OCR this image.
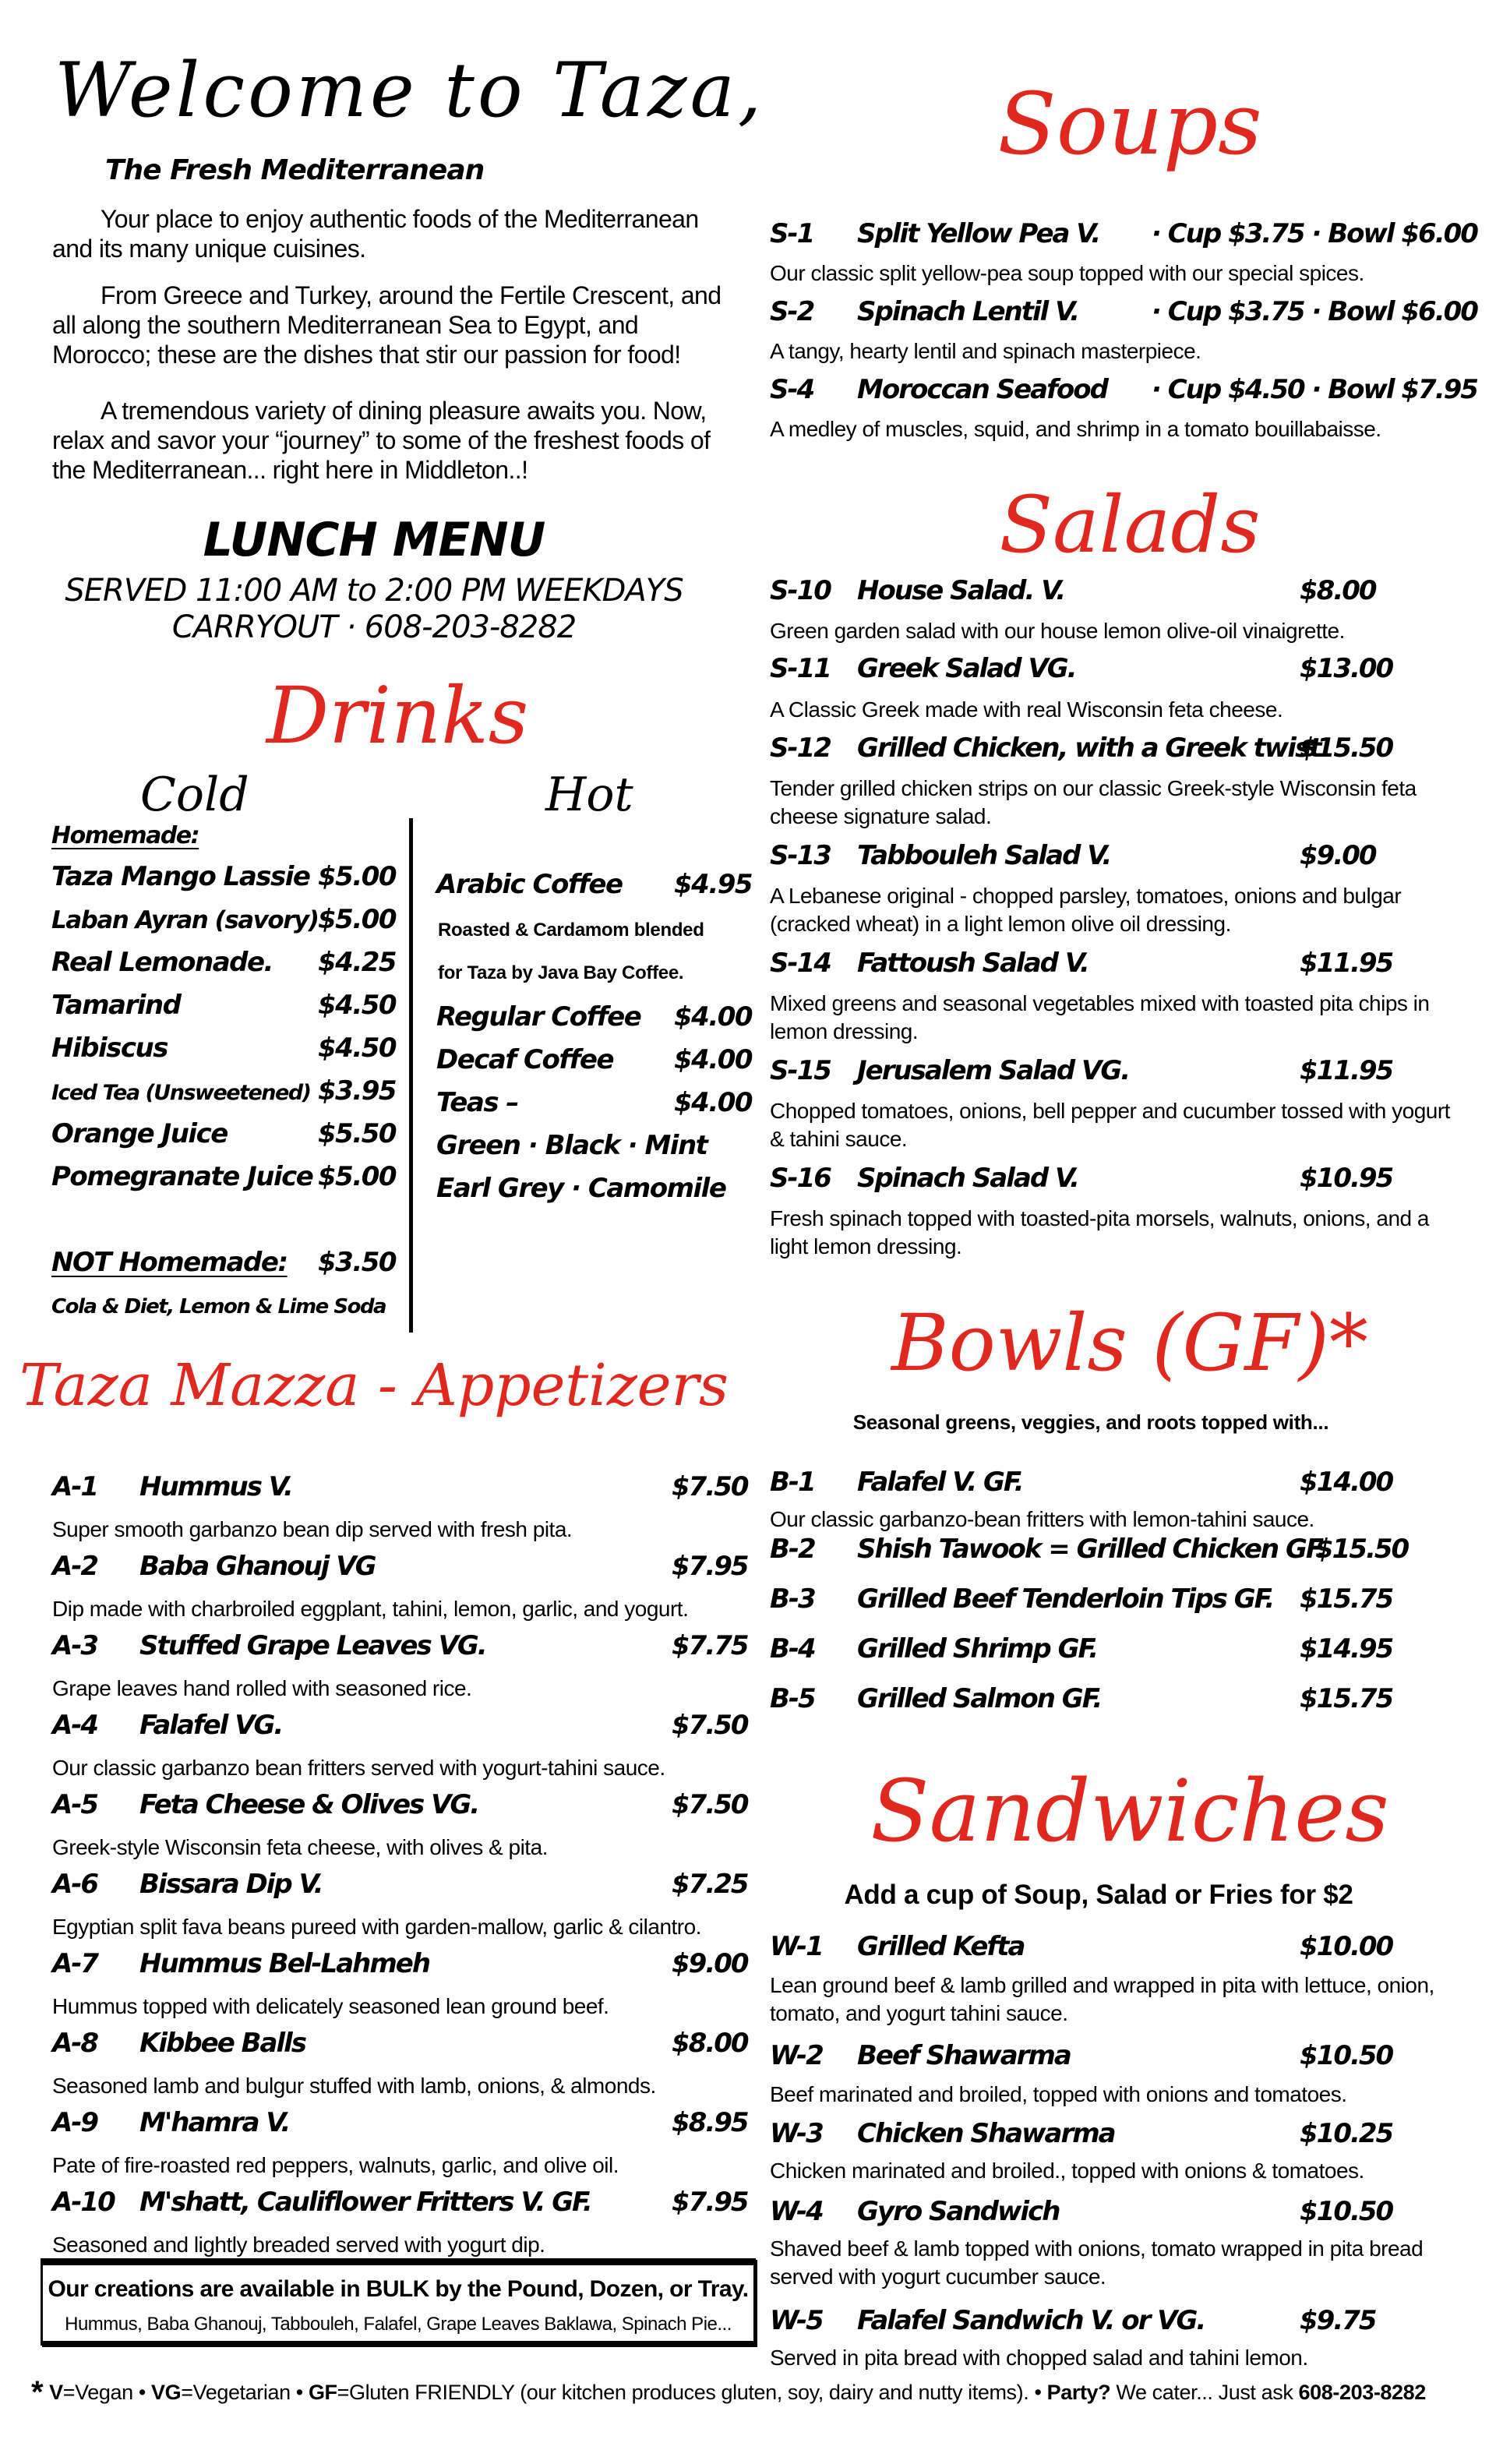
Welcome to Taza,
The Fresh Mediterranean
Your place to enjoy authentic foods of the Mediterranean and its many unique cuisines.
From Greece and Turkey, around the Fertile Crescent, and all along the southern Mediterranean Sea to Egypt, and Morocco; these are the dishes that stir our passion for food!
A tremendous variety of dining pleasure awaits you. Now, relax and savor your “journey” to some of the freshest foods of the Mediterranean... right here in Middleton..!
LUNCH MENU
SERVED 11:00 AM to 2:00 PM WEEKDAYS
CARRYOUT · 608-203-8282
Drinks
Cold	Hot
Homemade:
Taza Mango Lassie $5.00
Laban Ayran (savory) $5.00
Real Lemonade. $4.25
Tamarind	$4.50
Hibiscus	$4.50
Iced Tea (Unsweetened) $3.95
Orange Juice	$5.50
Pomegranate Juice $5.00
NOT Homemade: $3.50
Cola & Diet, Lemon & Lime Soda
Arabic Coffee $4.95
Roasted & Cardamom blended
for Taza by Java Bay Coffee.
Regular Coffee $4.00
Decaf Coffee $4.00
Teas –	$4.00
Green · Black · Mint
Earl Grey · Camomile
Taza Mazza - Appetizers
A-1 Hummus V.	$7.50
Super smooth garbanzo bean dip served with fresh pita.
A-2 Baba Ghanouj VG	$7.95
Dip made with charbroiled eggplant, tahini, lemon, garlic, and yogurt.
A-3 Stuffed Grape Leaves VG.	$7.75
Grape leaves hand rolled with seasoned rice.
A-4 Falafel VG.	$7.50
Our classic garbanzo bean fritters served with yogurt-tahini sauce.
A-5 Feta Cheese & Olives VG.	$7.50
Greek-style Wisconsin feta cheese, with olives & pita.
A-6 Bissara Dip V.	$7.25
Egyptian split fava beans pureed with garden-mallow, garlic & cilantro.
A-7 Hummus Bel-Lahmeh	$9.00
Hummus topped with delicately seasoned lean ground beef.
A-8 Kibbee Balls	$8.00
Seasoned lamb and bulgur stuffed with lamb, onions, & almonds.
A-9 M'hamra V.	$8.95
Pate of fire-roasted red peppers, walnuts, garlic, and olive oil.
A-10 M'shatt, Cauliflower Fritters V. GF.	$7.95
Seasoned and lightly breaded served with yogurt dip.
Our creations are available in BULK by the Pound, Dozen, or Tray.
Hummus, Baba Ghanouj, Tabbouleh, Falafel, Grape Leaves Baklawa, Spinach Pie...
Soups
S-1 Split Yellow Pea V. · Cup $3.75 · Bowl $6.00
Our classic split yellow-pea soup topped with our special spices.
S-2 Spinach Lentil V.	· Cup $3.75 · Bowl $6.00
A tangy, hearty lentil and spinach masterpiece.
S-4 Moroccan Seafood · Cup $4.50 · Bowl $7.95
A medley of muscles, squid, and shrimp in a tomato bouillabaisse.
Salads
S-10 House Salad. V.	$8.00
Green garden salad with our house lemon olive-oil vinaigrette.
S-11 Greek Salad VG.	$13.00
A Classic Greek made with real Wisconsin feta cheese.
S-12 Grilled Chicken, with a Greek twist
$15.50
Tender grilled chicken strips on our classic Greek-style Wisconsin feta cheese signature salad.
S-13 Tabbouleh Salad V.	$9.00
A Lebanese original - chopped parsley, tomatoes, onions and bulgar (cracked wheat) in a light lemon olive oil dressing.
S-14 Fattoush Salad V.	$11.95
Mixed greens and seasonal vegetables mixed with toasted pita chips in lemon dressing.
S-15 Jerusalem Salad VG.	$11.95
Chopped tomatoes, onions, bell pepper and cucumber tossed with yogurt & tahini sauce.
S-16 Spinach Salad V.	$10.95
Fresh spinach topped with toasted-pita morsels, walnuts, onions, and a light lemon dressing.
Bowls (GF)*
Seasonal greens, veggies, and roots topped with...
B-1 Falafel V. GF.	$14.00
Our classic garbanzo-bean fritters with lemon-tahini sauce.
B-2 Shish Tawook = Grilled Chicken GF.
$15.50
B-3 Grilled Beef Tenderloin Tips GF. $15.75
B-4 Grilled Shrimp GF.	$14.95
B-5 Grilled Salmon GF.	$15.75
Sandwiches
Add a cup of Soup, Salad or Fries for $2
W-1 Grilled Kefta	$10.00
Lean ground beef & lamb grilled and wrapped in pita with lettuce, onion, tomato, and yogurt tahini sauce.
W-2 Beef Shawarma	$10.50
Beef marinated and broiled, topped with onions and tomatoes.
W-3 Chicken Shawarma	$10.25
Chicken marinated and broiled., topped with onions & tomatoes.
W-4 Gyro Sandwich	$10.50
Shaved beef & lamb topped with onions, tomato wrapped in pita bread served with yogurt cucumber sauce.
W-5 Falafel Sandwich V. or VG.	$9.75
Served in pita bread with chopped salad and tahini lemon.
* V=Vegan • VG=Vegetarian • GF=Gluten FRIENDLY (our kitchen produces gluten, soy, dairy and nutty items). • Party? We cater... Just ask 608-203-8282
